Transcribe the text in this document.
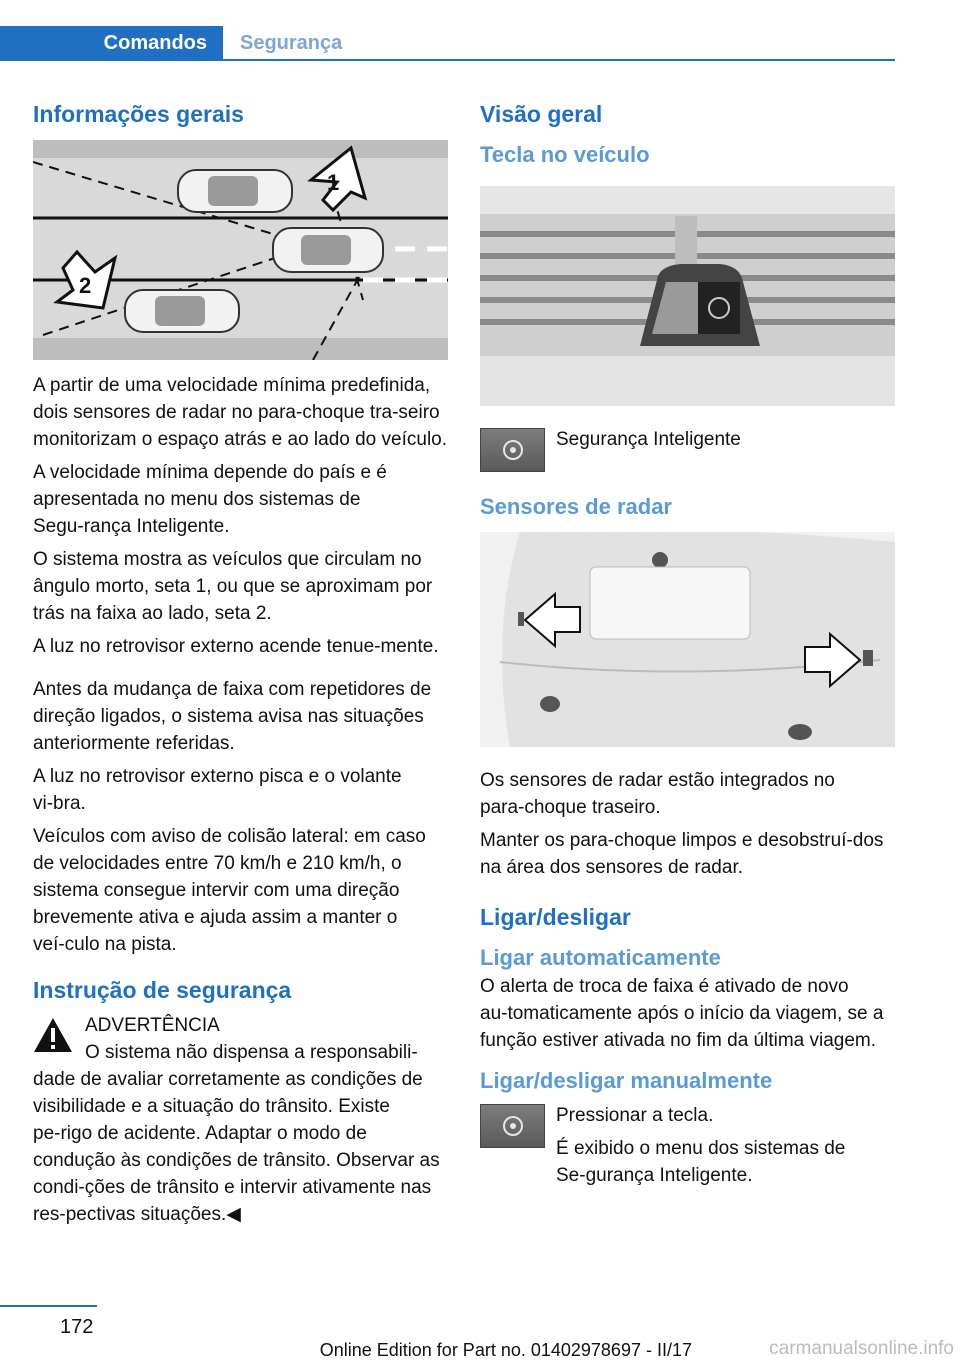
Comandos Segurança
Informações gerais
1
2

A partir de uma velocidade mínima predefinida, dois sensores de radar no para‑choque tra‑seiro monitorizam o espaço atrás e ao lado do veículo.

A velocidade mínima depende do país e é apresentada no menu dos sistemas de Segu‑rança Inteligente.

O sistema mostra as veículos que circulam no ângulo morto, seta 1, ou que se aproximam por trás na faixa ao lado, seta 2.

A luz no retrovisor externo acende tenue‑mente.

Antes da mudança de faixa com repetidores de direção ligados, o sistema avisa nas situações anteriormente referidas.

A luz no retrovisor externo pisca e o volante vi‑bra.

Veículos com aviso de colisão lateral: em caso de velocidades entre 70 km/h e 210 km/h, o sistema consegue intervir com uma direção brevemente ativa e ajuda assim a manter o veí‑culo na pista.

Instrução de segurança

ADVERTÊNCIA

O sistema não dispensa a responsabili‑

dade de avaliar corretamente as condições de visibilidade e a situação do trânsito. Existe pe‑rigo de acidente. Adaptar o modo de condução às condições de trânsito. Observar as condi‑ções de trânsito e intervir ativamente nas res‑pectivas situações.◀

Visão geral
Tecla no veículo

Segurança Inteligente

Sensores de radar

Os sensores de radar estão integrados no para‑choque traseiro.

Manter os para‑choque limpos e desobstruí‑dos na área dos sensores de radar.

Ligar/desligar
Ligar automaticamente

O alerta de troca de faixa é ativado de novo au‑tomaticamente após o início da viagem, se a função estiver ativada no fim da última viagem.

Ligar/desligar manualmente

Pressionar a tecla.

É exibido o menu dos sistemas de Se‑gurança Inteligente.

172
Online Edition for Part no. 01402978697 - II/17	carmanualsonline.info
